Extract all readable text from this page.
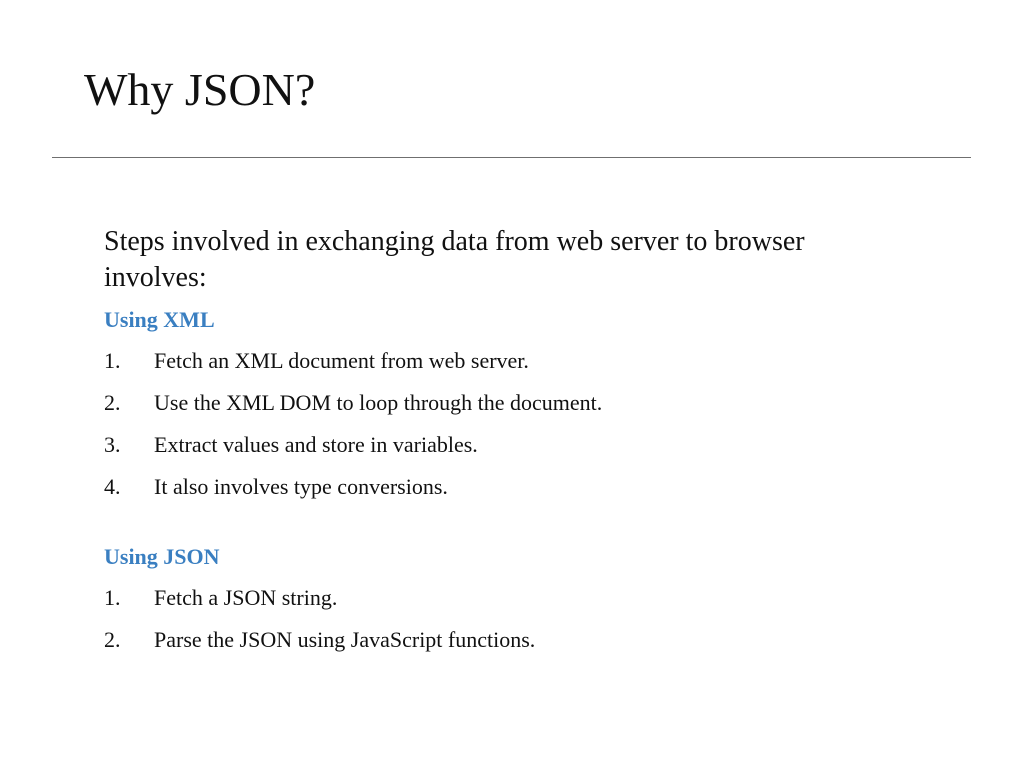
Why JSON?

Steps involved in exchanging data from web server to browser involves:

Using XML
1.	Fetch an XML document from web server.
2.	Use the XML DOM to loop through the document.
3.	Extract values and store in variables.
4.	It also involves type conversions.
Using JSON
1.	Fetch a JSON string.
2.	Parse the JSON using JavaScript functions.
